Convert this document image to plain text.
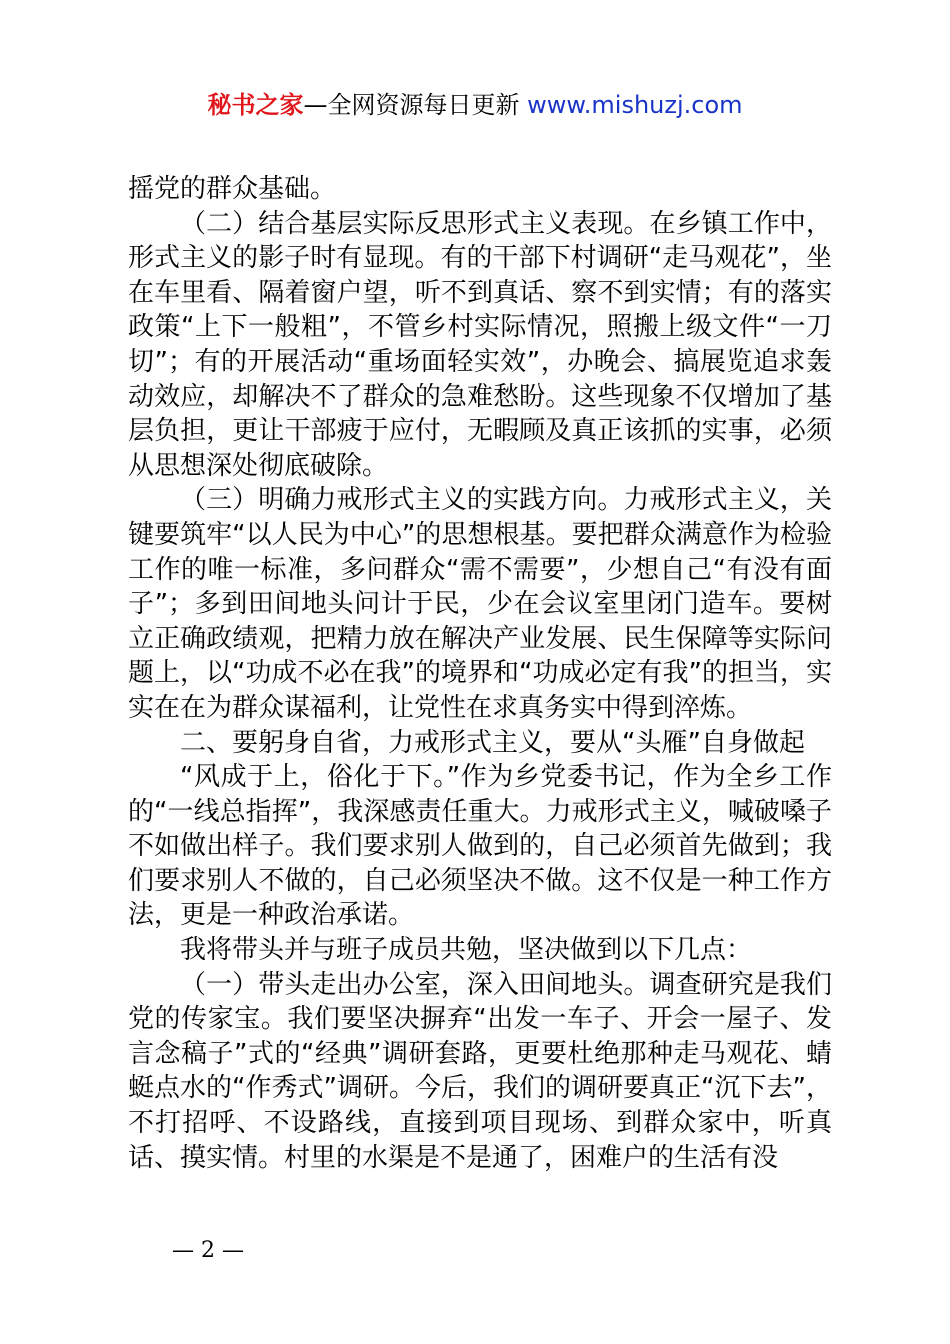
秘书之家—全网资源每日更新 www.mishuzj.com

摇党的群众基础。

（二）结合基层实际反思形式主义表现。在乡镇工作中，形式主义的影子时有显现。有的干部下村调研“走马观花”，坐在车里看、隔着窗户望，听不到真话、察不到实情；有的落实政策“上下一般粗”，不管乡村实际情况，照搬上级文件“一刀切”；有的开展活动“重场面轻实效”，办晚会、搞展览追求轰动效应，却解决不了群众的急难愁盼。这些现象不仅增加了基层负担，更让干部疲于应付，无暇顾及真正该抓的实事，必须从思想深处彻底破除。

（三）明确力戒形式主义的实践方向。力戒形式主义，关键要筑牢“以人民为中心”的思想根基。要把群众满意作为检验工作的唯一标准，多问群众“需不需要”，少想自己“有没有面子”；多到田间地头问计于民，少在会议室里闭门造车。要树立正确政绩观，把精力放在解决产业发展、民生保障等实际问题上，以“功成不必在我”的境界和“功成必定有我”的担当，实实在在为群众谋福利，让党性在求真务实中得到淬炼。

二、要躬身自省，力戒形式主义，要从“头雁”自身做起

“风成于上，俗化于下。”作为乡党委书记，作为全乡工作的“一线总指挥”，我深感责任重大。力戒形式主义，喊破嗓子不如做出样子。我们要求别人做到的，自己必须首先做到；我们要求别人不做的，自己必须坚决不做。这不仅是一种工作方法，更是一种政治承诺。

我将带头并与班子成员共勉，坚决做到以下几点：

（一）带头走出办公室，深入田间地头。调查研究是我们党的传家宝。我们要坚决摒弃“出发一车子、开会一屋子、发言念稿子”式的“经典”调研套路，更要杜绝那种走马观花、蜻蜓点水的“作秀式”调研。今后，我们的调研要真正“沉下去”，不打招呼、不设路线，直接到项目现场、到群众家中，听真话、摸实情。村里的水渠是不是通了，困难户的生活有没

— 2 —
